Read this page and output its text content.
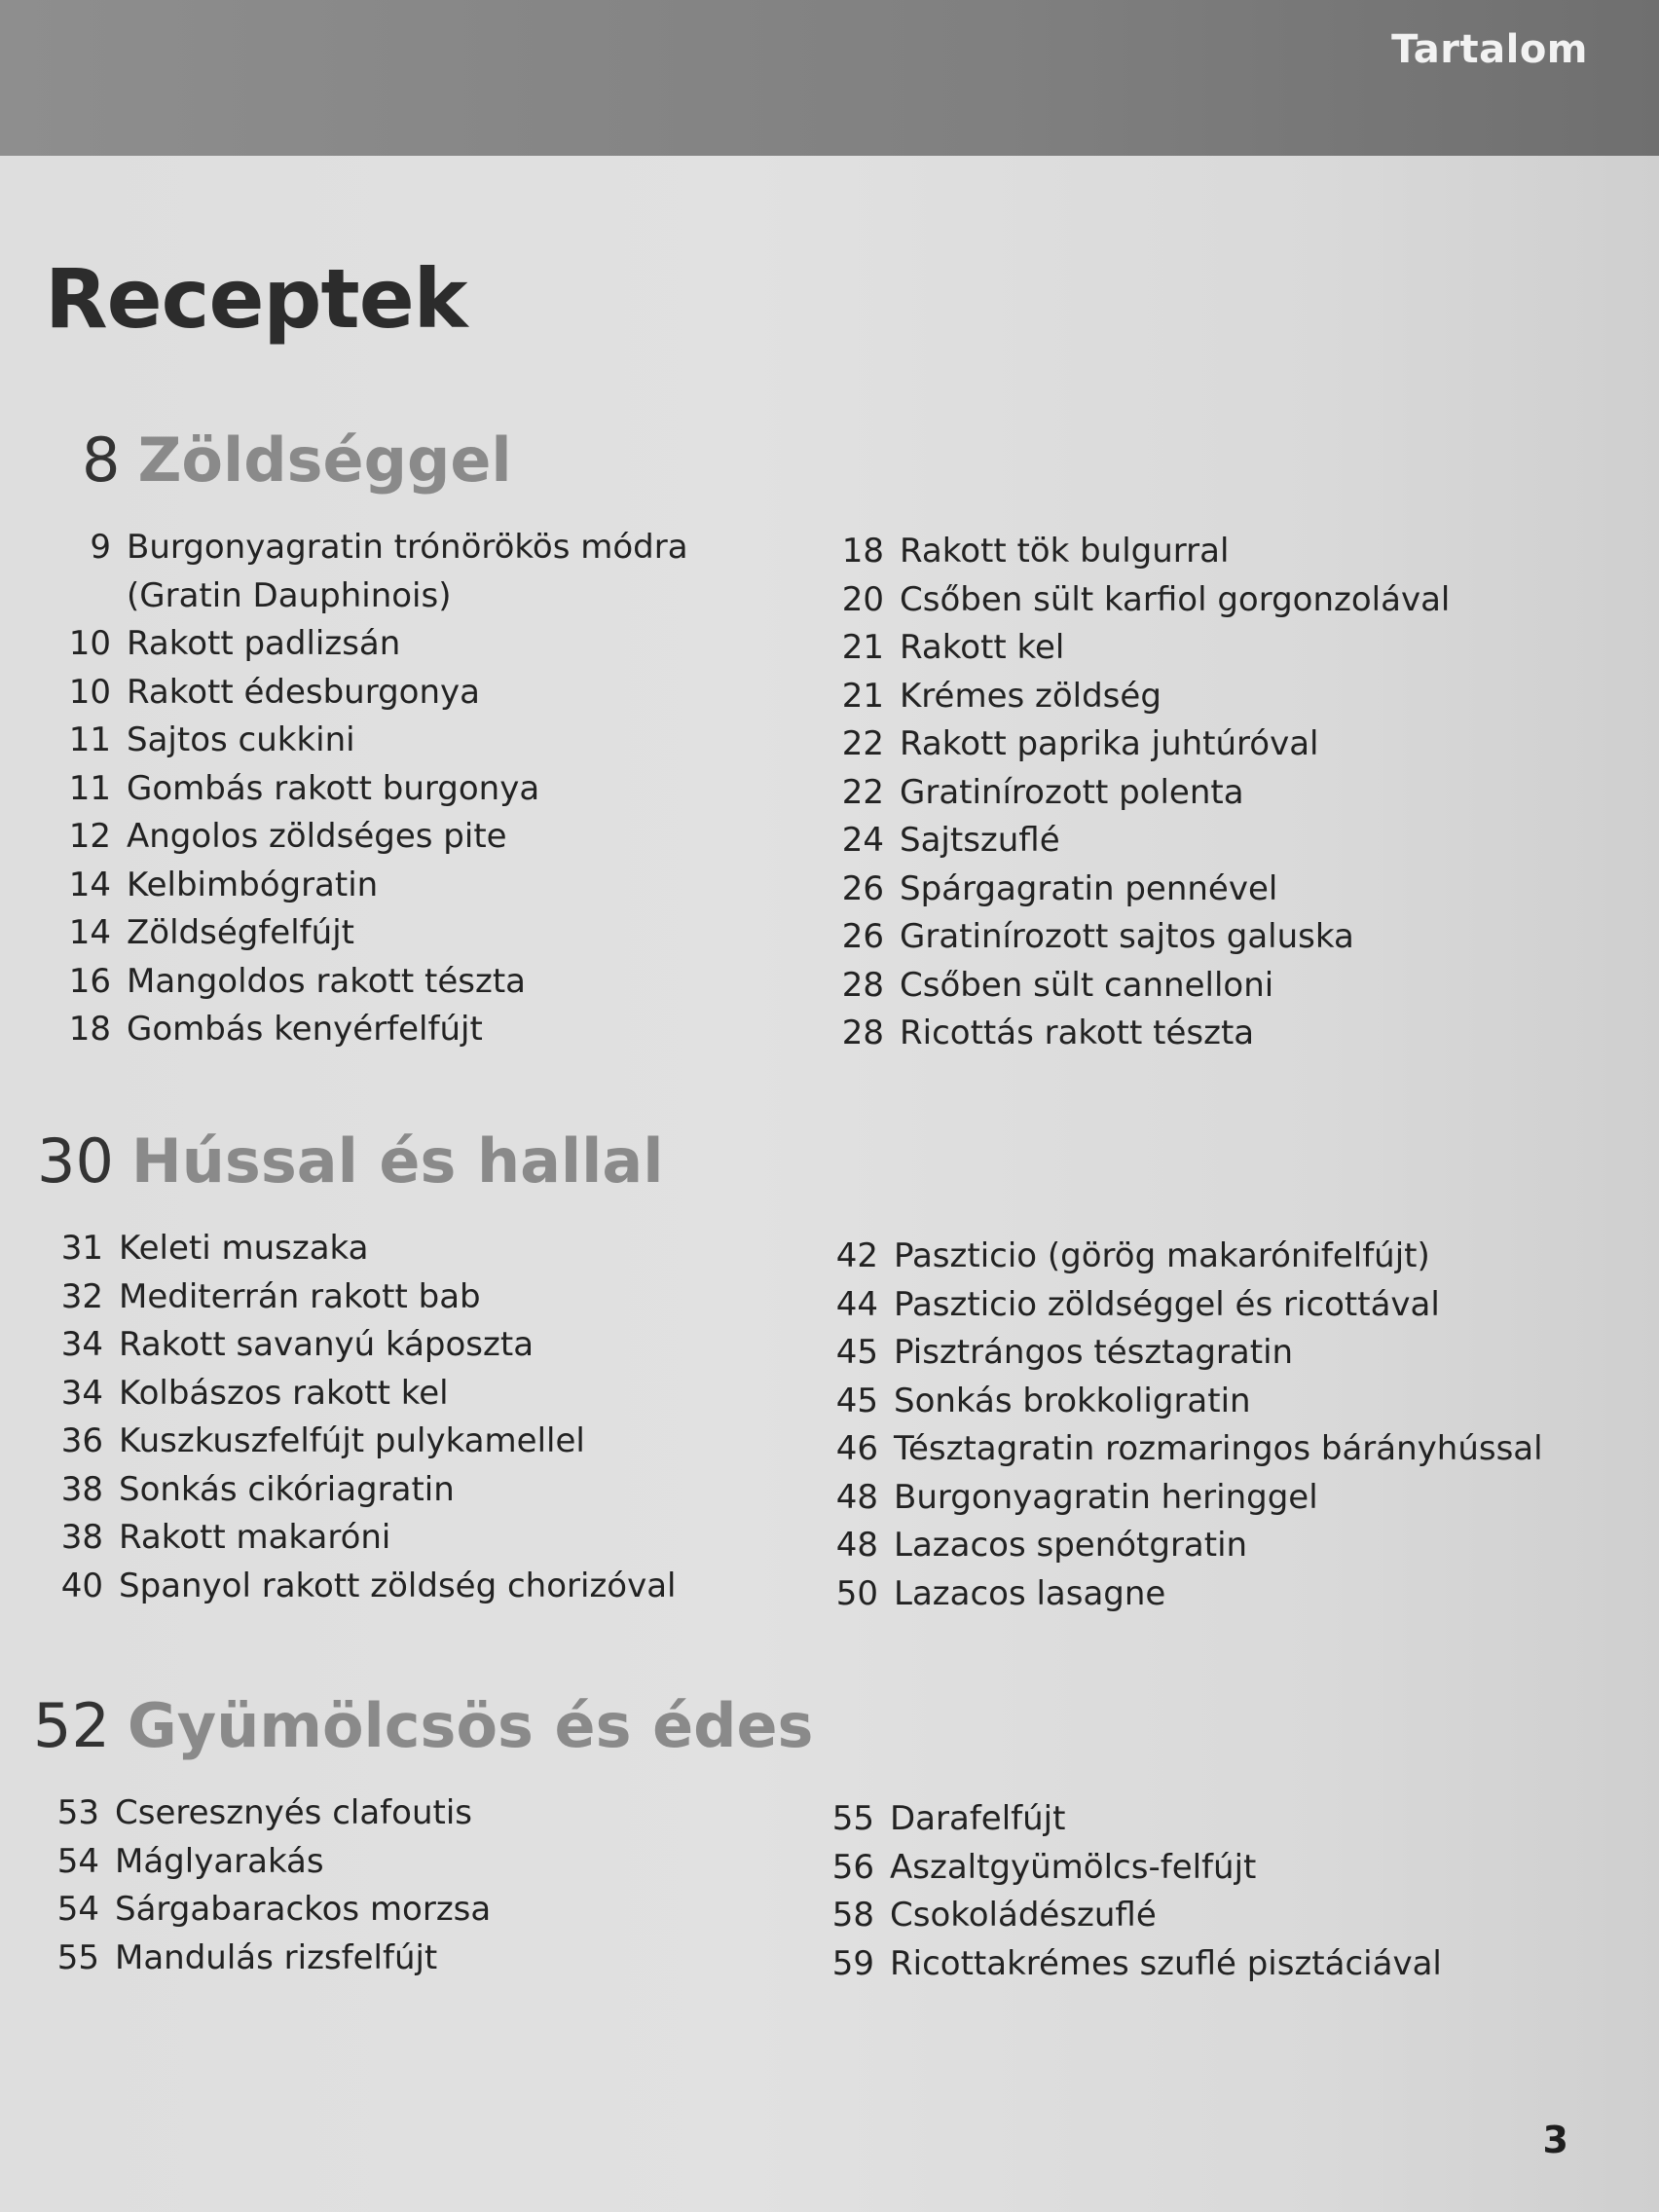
Tartalom
Receptek
8 Zöldséggel
9 Burgonyagratin trónörökös módra
(Gratin Dauphinois)
10 Rakott padlizsán
10 Rakott édesburgonya
11 Sajtos cukkini
11 Gombás rakott burgonya
12 Angolos zöldséges pite
14 Kelbimbógratin
14 Zöldségfelfújt
16 Mangoldos rakott tészta
18 Gombás kenyérfelfújt
18 Rakott tök bulgurral
20 Csőben sült karfiol gorgonzolával
21 Rakott kel
21 Krémes zöldség
22 Rakott paprika juhtúróval
22 Gratinírozott polenta
24 Sajtszuflé
26 Spárgagratin pennével
26 Gratinírozott sajtos galuska
28 Csőben sült cannelloni
28 Ricottás rakott tészta
30 Hússal és hallal
31 Keleti muszaka
32 Mediterrán rakott bab
34 Rakott savanyú káposzta
34 Kolbászos rakott kel
36 Kuszkuszfelfújt pulykamellel
38 Sonkás cikóriagratin
38 Rakott makaróni
40 Spanyol rakott zöldség chorizóval
42 Paszticio (görög makarónifelfújt)
44 Paszticio zöldséggel és ricottával
45 Pisztrángos tésztagratin
45 Sonkás brokkoligratin
46 Tésztagratin rozmaringos bárányhússal
48 Burgonyagratin heringgel
48 Lazacos spenótgratin
50 Lazacos lasagne
52 Gyümölcsös és édes
53 Cseresznyés clafoutis
54 Máglyarakás
54 Sárgabarackos morzsa
55 Mandulás rizsfelfújt
55 Darafelfújt
56 Aszaltgyümölcs-felfújt
58 Csokoládészuflé
59 Ricottakrémes szuflé pisztáciával
3
